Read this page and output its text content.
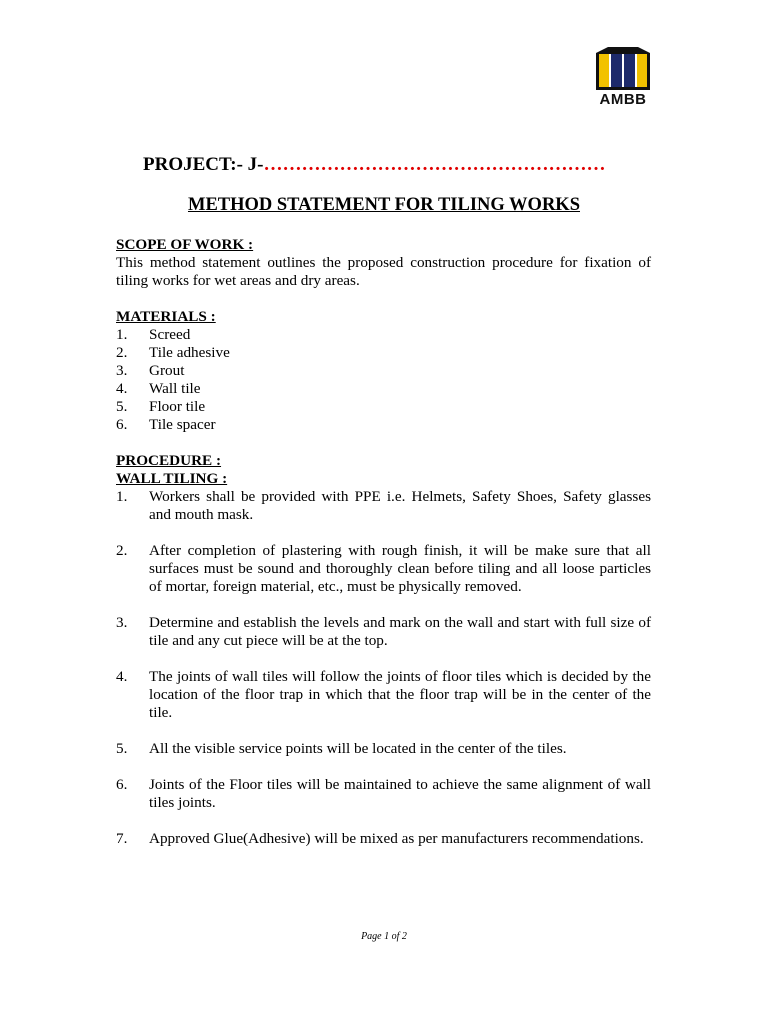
AMBB
PROJECT:- J-………………………………………………
METHOD STATEMENT FOR TILING WORKS
SCOPE OF WORK :
This method statement outlines the proposed construction procedure for fixation of tiling works for wet areas and dry areas.
MATERIALS :
1. Screed
2. Tile adhesive
3. Grout
4. Wall tile
5. Floor tile
6. Tile spacer
PROCEDURE :
WALL TILING :
1. Workers shall be provided with PPE i.e. Helmets, Safety Shoes, Safety glasses and mouth mask.
2. After completion of plastering with rough finish, it will be make sure that all surfaces must be sound and thoroughly clean before tiling and all loose particles of mortar, foreign material, etc., must be physically removed.
3. Determine and establish the levels and mark on the wall and start with full size of tile and any cut piece will be at the top.
4. The joints of wall tiles will follow the joints of floor tiles which is decided by the location of the floor trap in which that the floor trap will be in the center of the tile.
5. All the visible service points will be located in the center of the tiles.
6. Joints of the Floor tiles will be maintained to achieve the same alignment of wall tiles joints.
7. Approved Glue(Adhesive) will be mixed as per manufacturers recommendations.
Page 1 of 2
